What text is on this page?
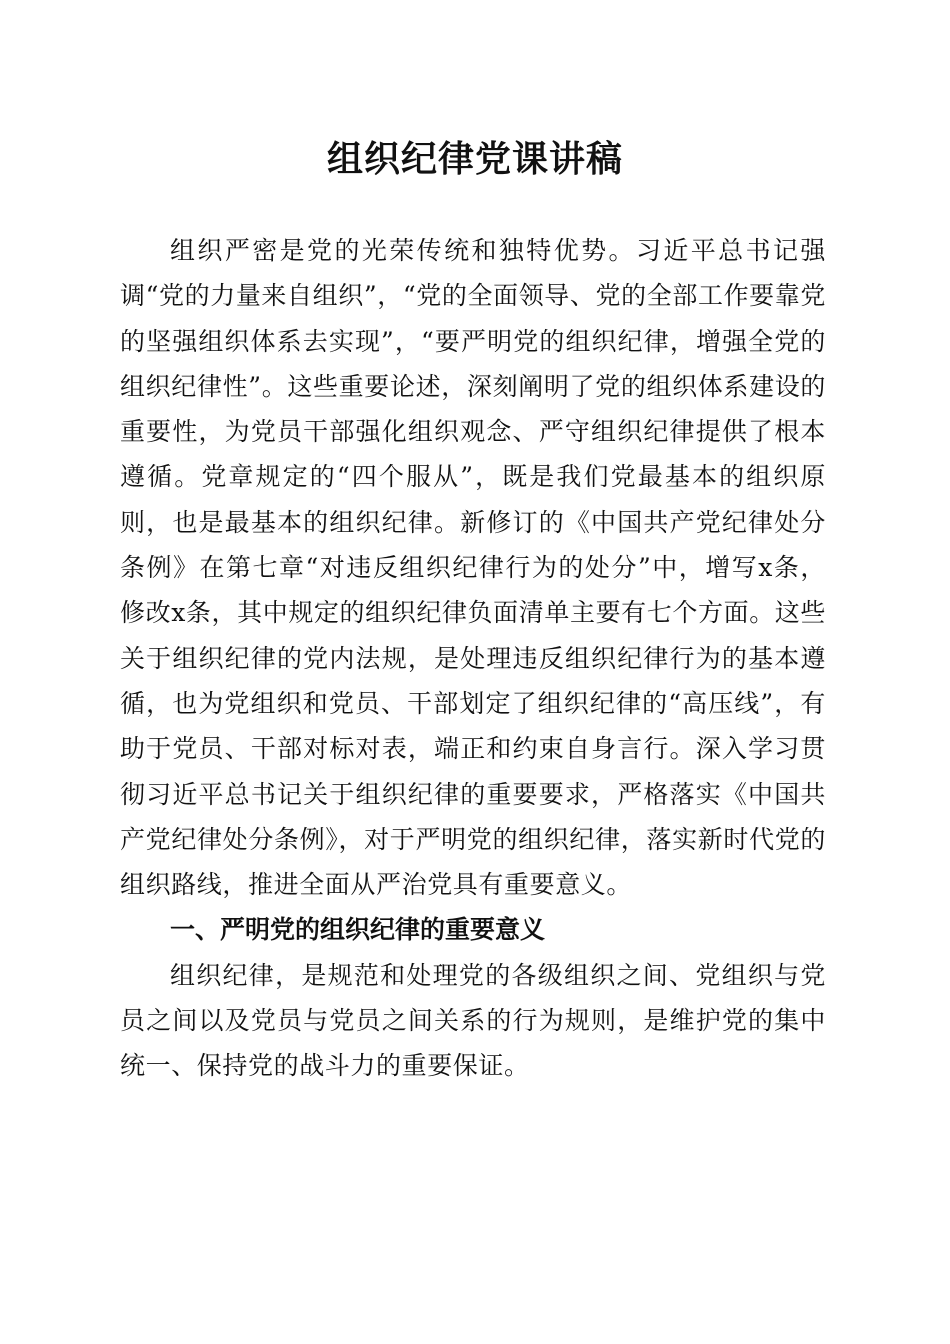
组织纪律党课讲稿

组织严密是党的光荣传统和独特优势。习近平总书记强调“党的力量来自组织”，“党的全面领导、党的全部工作要靠党的坚强组织体系去实现”，“要严明党的组织纪律，增强全党的组织纪律性”。这些重要论述，深刻阐明了党的组织体系建设的重要性，为党员干部强化组织观念、严守组织纪律提供了根本遵循。党章规定的“四个服从”，既是我们党最基本的组织原则，也是最基本的组织纪律。新修订的《中国共产党纪律处分条例》在第七章“对违反组织纪律行为的处分”中，增写x条，修改x条，其中规定的组织纪律负面清单主要有七个方面。这些关于组织纪律的党内法规，是处理违反组织纪律行为的基本遵循，也为党组织和党员、干部划定了组织纪律的“高压线”，有助于党员、干部对标对表，端正和约束自身言行。深入学习贯彻习近平总书记关于组织纪律的重要要求，严格落实《中国共产党纪律处分条例》，对于严明党的组织纪律，落实新时代党的组织路线，推进全面从严治党具有重要意义。

一、严明党的组织纪律的重要意义

组织纪律，是规范和处理党的各级组织之间、党组织与党员之间以及党员与党员之间关系的行为规则，是维护党的集中统一、保持党的战斗力的重要保证。
